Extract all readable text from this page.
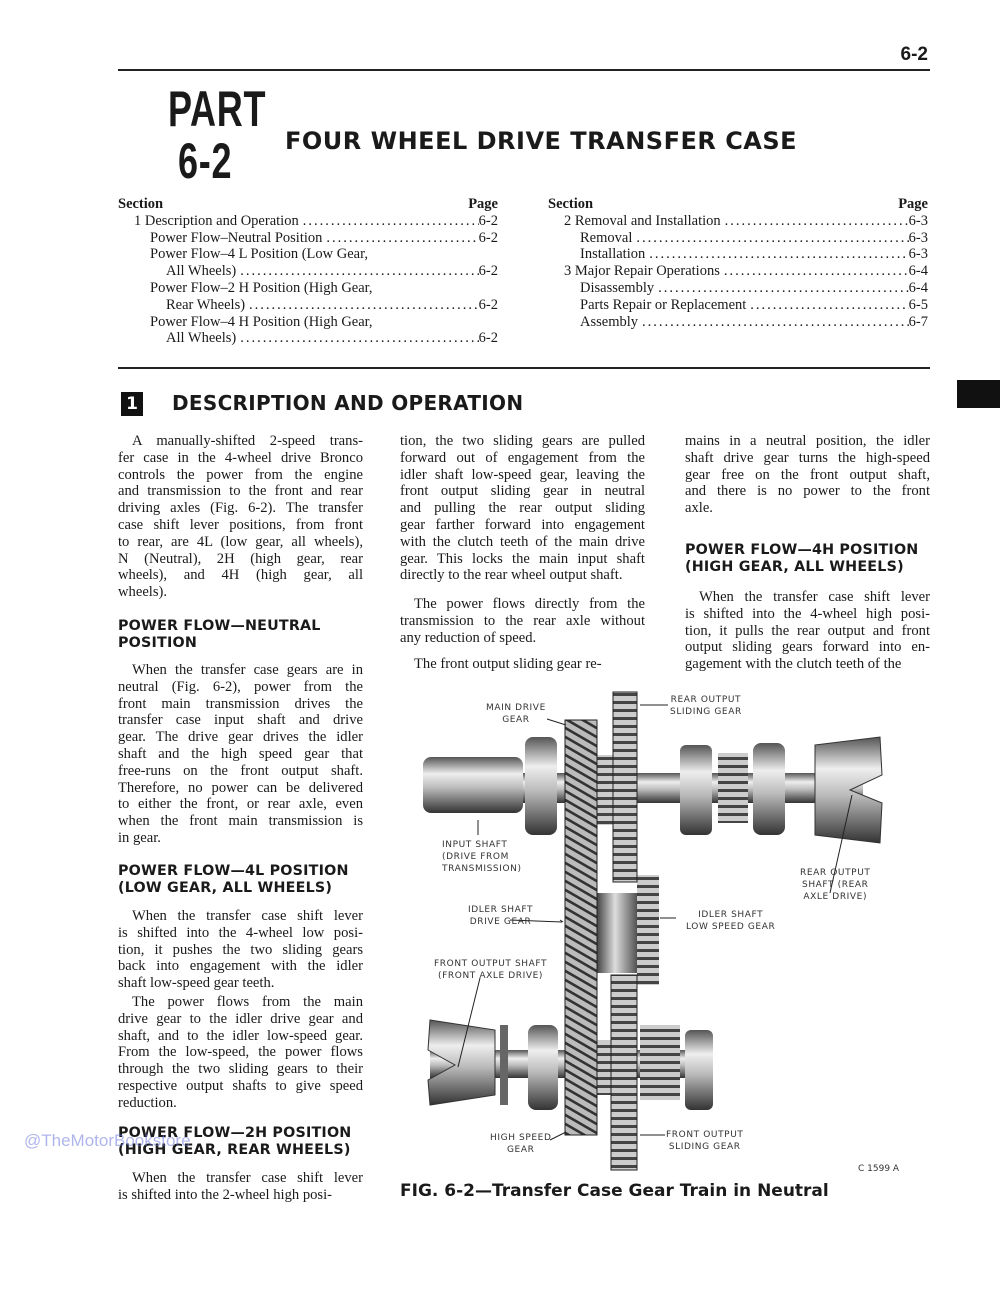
6-2
PART
6-2 FOUR WHEEL DRIVE TRANSFER CASE
Section	Page
1 Description and Operation .....	6-2
Power Flow–Neutral Position .....	6-2
Power Flow–4 L Position (Low Gear,
All Wheels) .....	6-2
Power Flow–2 H Position (High Gear,
Rear Wheels) .....	6-2
Power Flow–4 H Position (High Gear,
All Wheels) .....	6-2
Section	Page
2 Removal and Installation .....	6-3
Removal .....	6-3
Installation .....	6-3
3 Major Repair Operations .....	6-4
Disassembly .....	6-4
Parts Repair or Replacement .....	6-5
Assembly .....	6-7
1 DESCRIPTION AND OPERATION
A manually-shifted 2-speed trans-
fer case in the 4-wheel drive Bronco
controls the power from the engine
and transmission to the front and rear
driving axles (Fig. 6-2). The transfer
case shift lever positions, from front
to rear, are 4L (low gear, all wheels),
N (Neutral), 2H (high gear, rear
wheels), and 4H (high gear, all
wheels).
POWER FLOW—NEUTRAL
POSITION
When the transfer case gears are in
neutral (Fig. 6-2), power from the
front main transmission drives the
transfer case input shaft and drive
gear. The drive gear drives the idler
shaft and the high speed gear that
free-runs on the front output shaft.
Therefore, no power can be delivered
to either the front, or rear axle, even
when the front main transmission is
in gear.
POWER FLOW—4L POSITION
(LOW GEAR, ALL WHEELS)
When the transfer case shift lever
is shifted into the 4-wheel low posi-
tion, it pushes the two sliding gears
back into engagement with the idler
shaft low-speed gear teeth.
The power flows from the main
drive gear to the idler drive gear and
shaft, and to the idler low-speed gear.
From the low-speed, the power flows
through the two sliding gears to their
respective output shafts to give speed
reduction.
POWER FLOW—2H POSITION
(HIGH GEAR, REAR WHEELS)
When the transfer case shift lever
is shifted into the 2-wheel high posi-
tion, the two sliding gears are pulled
forward out of engagement from the
idler shaft low-speed gear, leaving the
front output sliding gear in neutral
and pulling the rear output sliding
gear farther forward into engagement
with the clutch teeth of the main drive
gear. This locks the main input shaft
directly to the rear wheel output shaft.
The power flows directly from the
transmission to the rear axle without
any reduction of speed.
The front output sliding gear re-
mains in a neutral position, the idler
shaft drive gear turns the high-speed
gear free on the front output shaft,
and there is no power to the front
axle.
POWER FLOW—4H POSITION
(HIGH GEAR, ALL WHEELS)
When the transfer case shift lever
is shifted into the 4-wheel high posi-
tion, it pulls the rear output and front
output sliding gears forward into en-
gagement with the clutch teeth of the
MAIN DRIVE
GEAR
REAR OUTPUT
SLIDING GEAR
INPUT SHAFT
(DRIVE FROM
TRANSMISSION)	REAR OUTPUT
SHAFT (REAR
AXLE DRIVE)
IDLER SHAFT
DRIVE GEAR
IDLER SHAFT
LOW SPEED GEAR
FRONT OUTPUT SHAFT
(FRONT AXLE DRIVE)
HIGH SPEED
GEAR
FRONT OUTPUT
SLIDING GEAR
C 1599 A
FIG. 6-2—Transfer Case Gear Train in Neutral
@TheMotorBookstore
